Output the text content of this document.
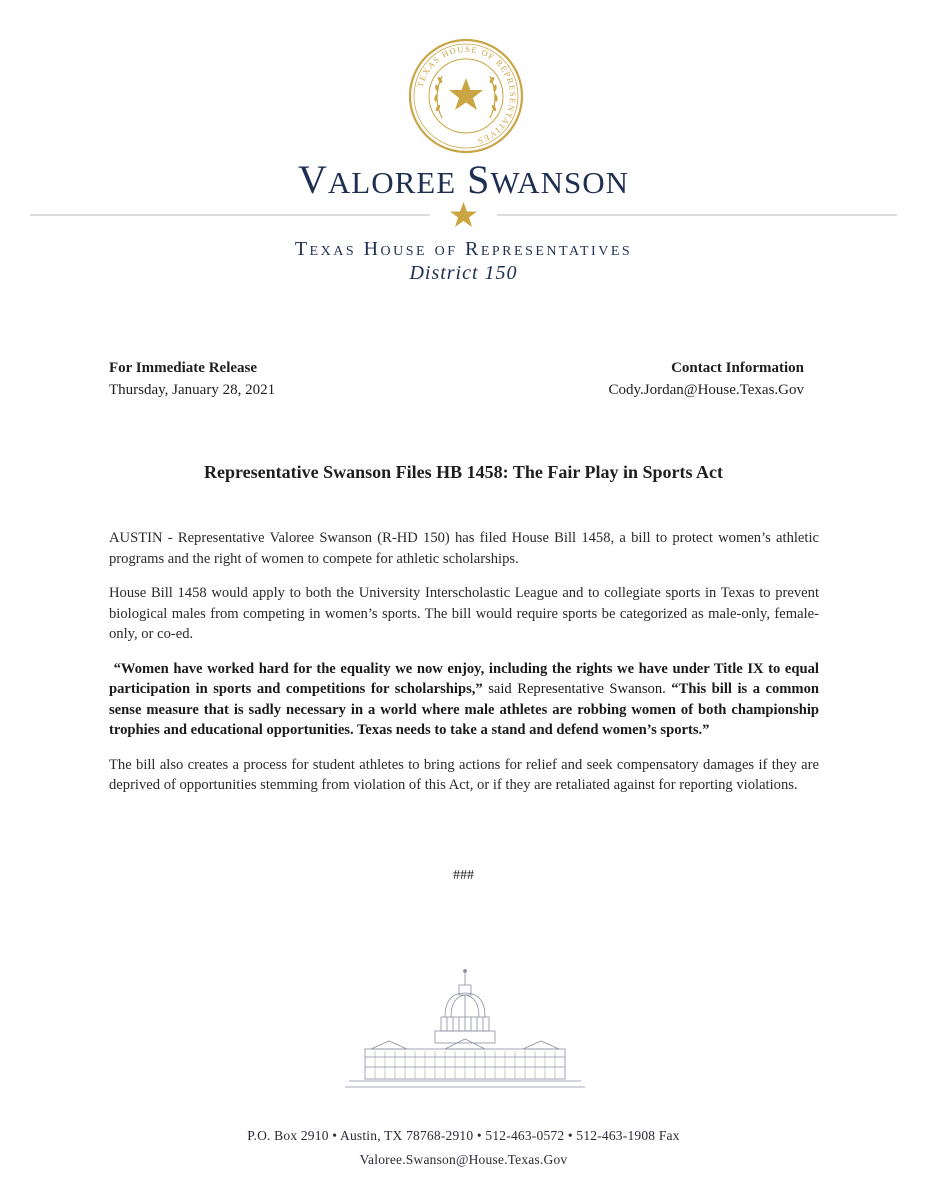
TEXAS HOUSE OF REPRESENTATIVES
VALOREE SWANSON
Texas House of Representatives
District 150
For Immediate Release
Thursday, January 28, 2021
Contact Information
Cody.Jordan@House.Texas.Gov
Representative Swanson Files HB 1458: The Fair Play in Sports Act

AUSTIN - Representative Valoree Swanson (R-HD 150) has filed House Bill 1458, a bill to protect women’s athletic programs and the right of women to compete for athletic scholarships.

House Bill 1458 would apply to both the University Interscholastic League and to collegiate sports in Texas to prevent biological males from competing in women’s sports. The bill would require sports be categorized as male-only, female-only, or co-ed.

“Women have worked hard for the equality we now enjoy, including the rights we have under Title IX to equal participation in sports and competitions for scholarships,” said Representative Swanson. “This bill is a common sense measure that is sadly necessary in a world where male athletes are robbing women of both championship trophies and educational opportunities. Texas needs to take a stand and defend women’s sports.”

The bill also creates a process for student athletes to bring actions for relief and seek compensatory damages if they are deprived of opportunities stemming from violation of this Act, or if they are retaliated against for reporting violations.

###
P.O. Box 2910 • Austin, TX 78768-2910 • 512-463-0572 • 512-463-1908 Fax
Valoree.Swanson@House.Texas.Gov
